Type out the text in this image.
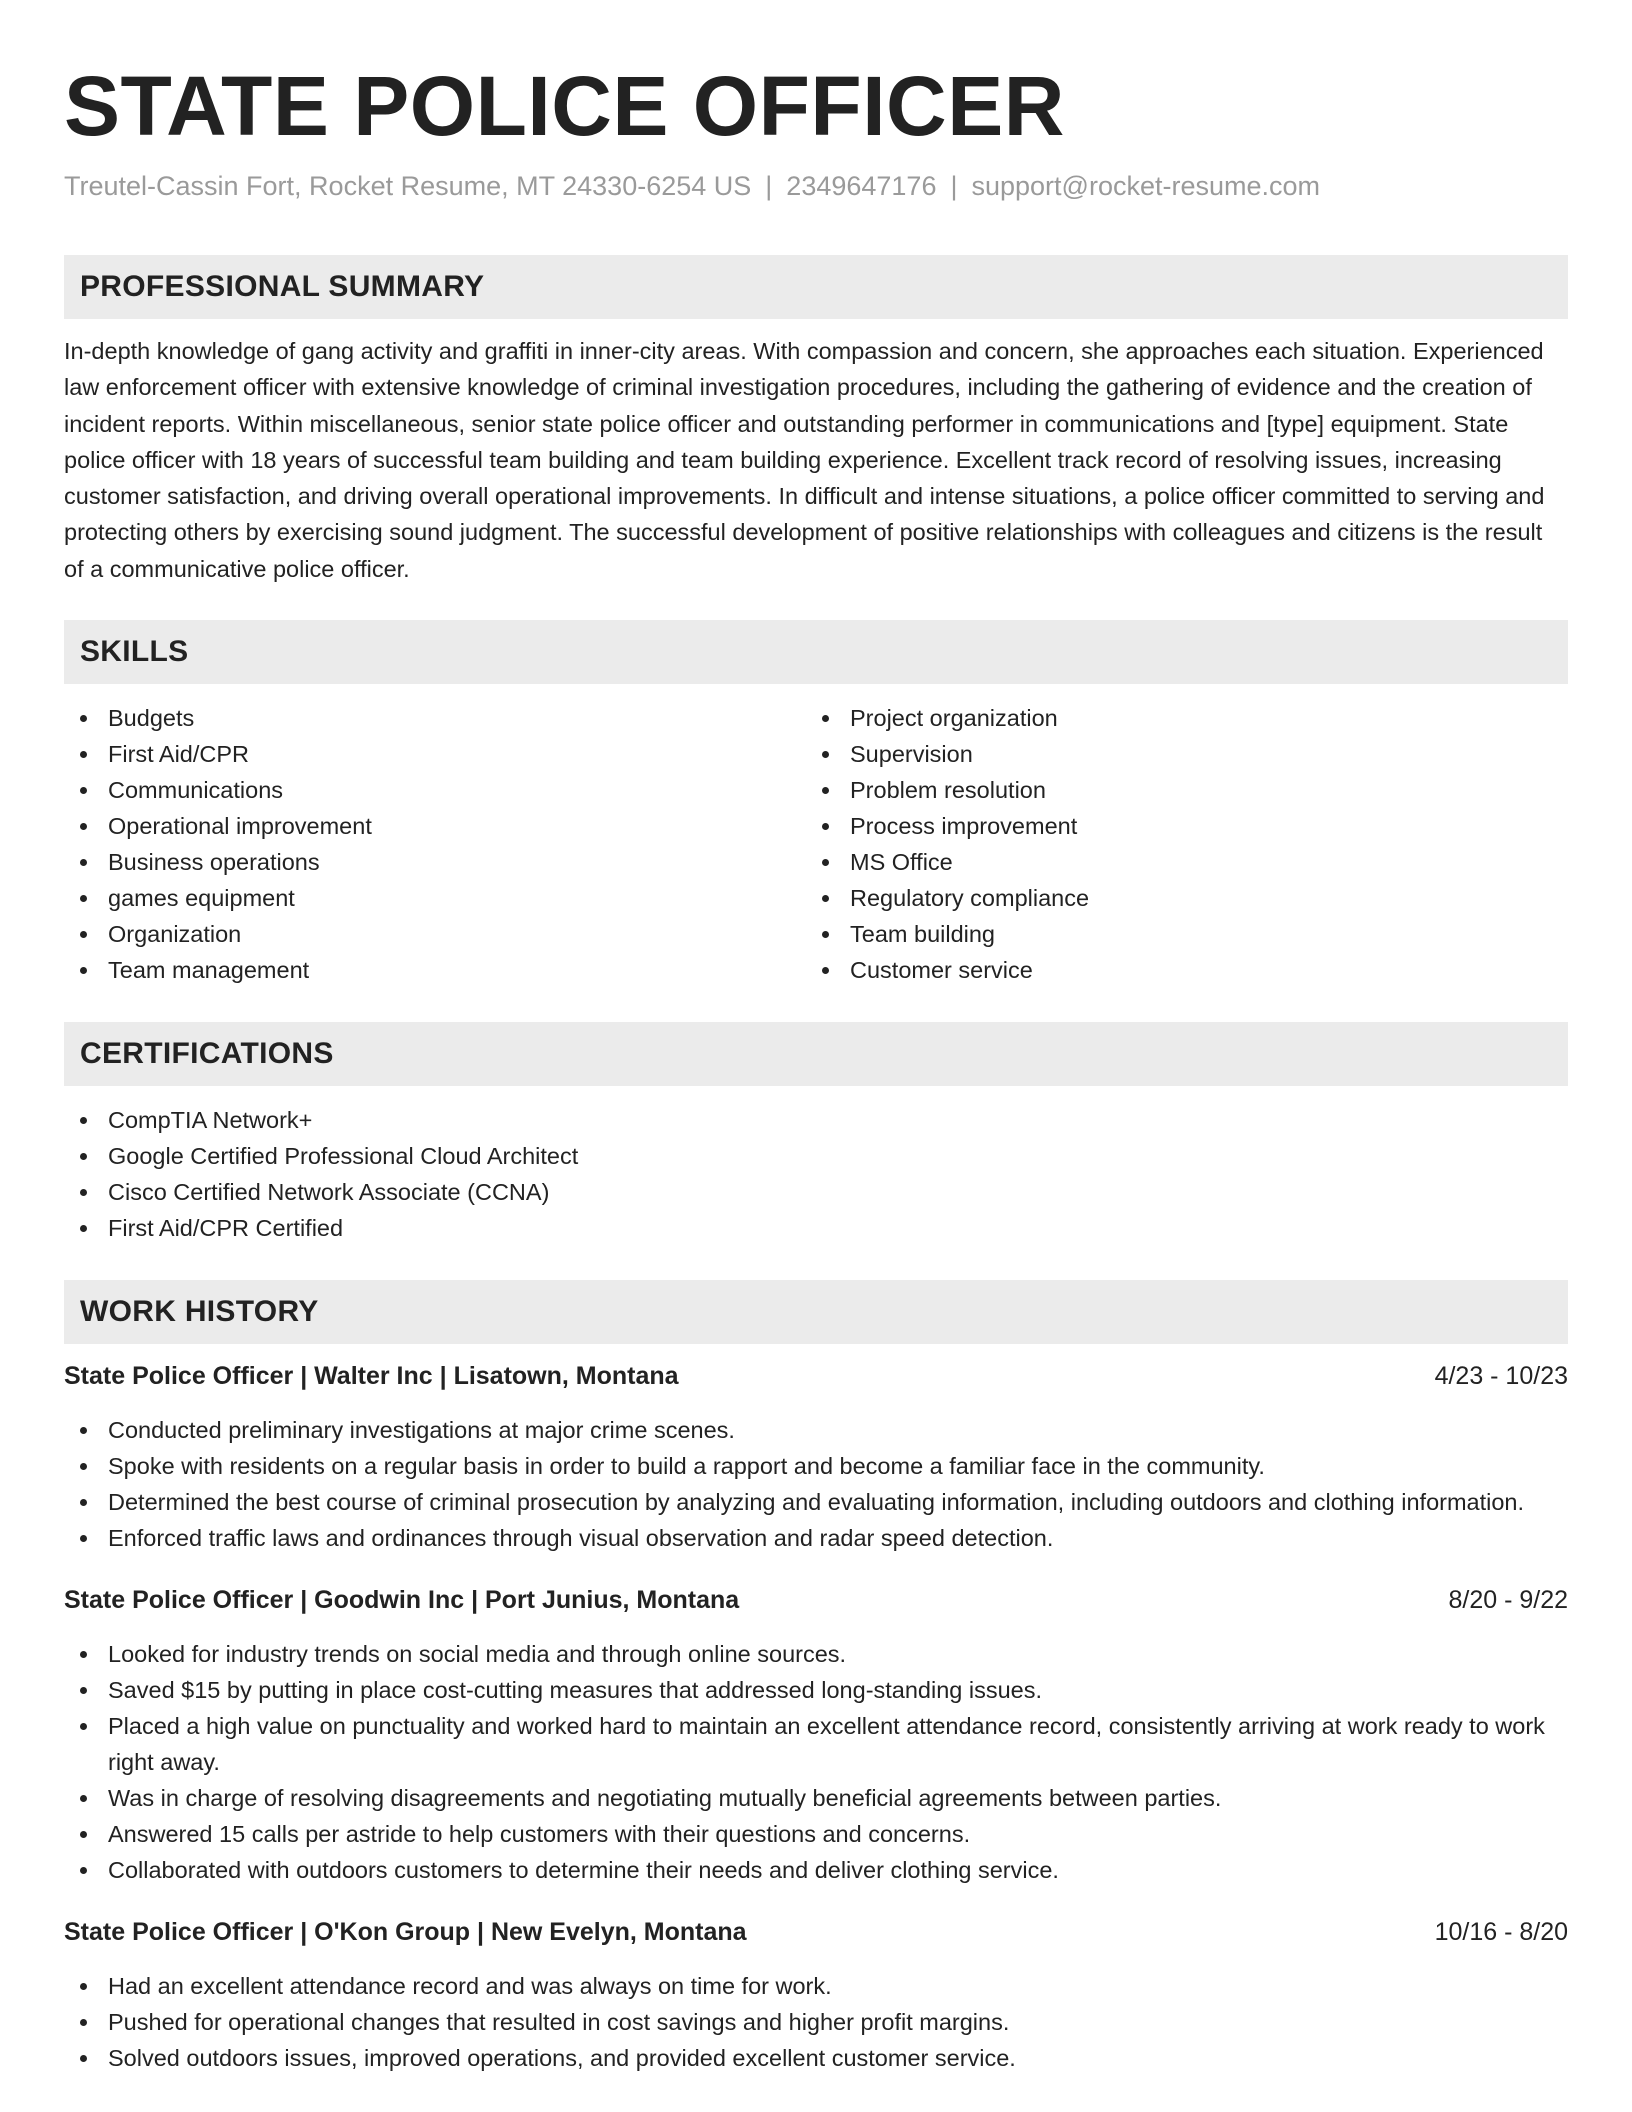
STATE POLICE OFFICER
Treutel-Cassin Fort, Rocket Resume, MT 24330-6254 US | 2349647176 | support@rocket-resume.com
PROFESSIONAL SUMMARY

In-depth knowledge of gang activity and graffiti in inner-city areas. With compassion and concern, she approaches each situation. Experienced law enforcement officer with extensive knowledge of criminal investigation procedures, including the gathering of evidence and the creation of incident reports. Within miscellaneous, senior state police officer and outstanding performer in communications and [type] equipment. State police officer with 18 years of successful team building and team building experience. Excellent track record of resolving issues, increasing customer satisfaction, and driving overall operational improvements. In difficult and intense situations, a police officer committed to serving and protecting others by exercising sound judgment. The successful development of positive relationships with colleagues and citizens is the result of a communicative police officer.

SKILLS
Budgets
First Aid/CPR
Communications
Operational improvement
Business operations
games equipment
Organization
Team management
Project organization
Supervision
Problem resolution
Process improvement
MS Office
Regulatory compliance
Team building
Customer service
CERTIFICATIONS
CompTIA Network+
Google Certified Professional Cloud Architect
Cisco Certified Network Associate (CCNA)
First Aid/CPR Certified
WORK HISTORY
State Police Officer | Walter Inc | Lisatown, Montana	4/23 - 10/23
Conducted preliminary investigations at major crime scenes.
Spoke with residents on a regular basis in order to build a rapport and become a familiar face in the community.
Determined the best course of criminal prosecution by analyzing and evaluating information, including outdoors and clothing information.
Enforced traffic laws and ordinances through visual observation and radar speed detection.
State Police Officer | Goodwin Inc | Port Junius, Montana	8/20 - 9/22
Looked for industry trends on social media and through online sources.
Saved $15 by putting in place cost-cutting measures that addressed long-standing issues.
Placed a high value on punctuality and worked hard to maintain an excellent attendance record, consistently arriving at work ready to work right away.
Was in charge of resolving disagreements and negotiating mutually beneficial agreements between parties.
Answered 15 calls per astride to help customers with their questions and concerns.
Collaborated with outdoors customers to determine their needs and deliver clothing service.
State Police Officer | O'Kon Group | New Evelyn, Montana	10/16 - 8/20
Had an excellent attendance record and was always on time for work.
Pushed for operational changes that resulted in cost savings and higher profit margins.
Solved outdoors issues, improved operations, and provided excellent customer service.
